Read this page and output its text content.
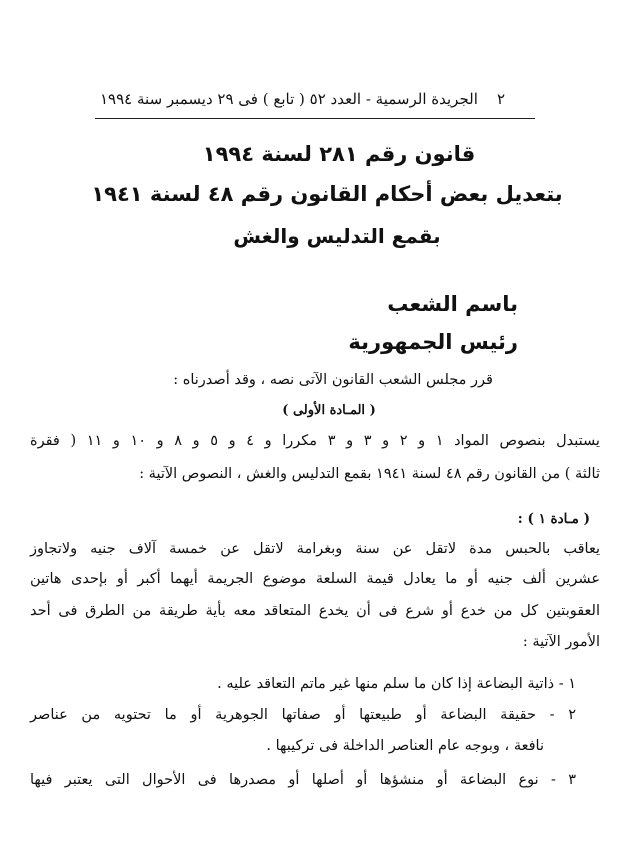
٢
الجريدة الرسمية - العدد ٥٢ ( تابع ) فى ٢٩ ديسمبر سنة ١٩٩٤
قانون رقم ٢٨١ لسنة ١٩٩٤
بتعديل بعض أحكام القانون رقم ٤٨ لسنة ١٩٤١
بقمع التدليس والغش
باسم الشعب
رئيس الجمهورية
قرر مجلس الشعب القانون الآتى نصه ، وقد أصدرناه :
( المـادة الأولى )
يستبدل بنصوص المواد ١ و ٢ و ٣ و ٣ مكررا و ٤ و ٥ و ٨ و ١٠ و ١١ ( فقرة
ثالثة ) من القانون رقم ٤٨ لسنة ١٩٤١ بقمع التدليس والغش ، النصوص الآتية :
( مـادة ١ ) :
يعاقب بالحبس مدة لاتقل عن سنة وبغرامة لاتقل عن خمسة آلاف جنيه ولاتجاوز
عشرين ألف جنيه أو ما يعادل قيمة السلعة موضوع الجريمة أيهما أكبر أو بإحدى هاتين
العقوبتين كل من خدع أو شرع فى أن يخدع المتعاقد معه بأية طريقة من الطرق فى أحد
الأمور الآتية :
١ - ذاتية البضاعة إذا كان ما سلم منها غير ماتم التعاقد عليه .
٢ - حقيقة البضاعة أو طبيعتها أو صفاتها الجوهرية أو ما تحتويه من عناصر
نافعة ، وبوجه عام العناصر الداخلة فى تركيبها .
٣ - نوع البضاعة أو منشؤها أو أصلها أو مصدرها فى الأحوال التى يعتبر فيها
